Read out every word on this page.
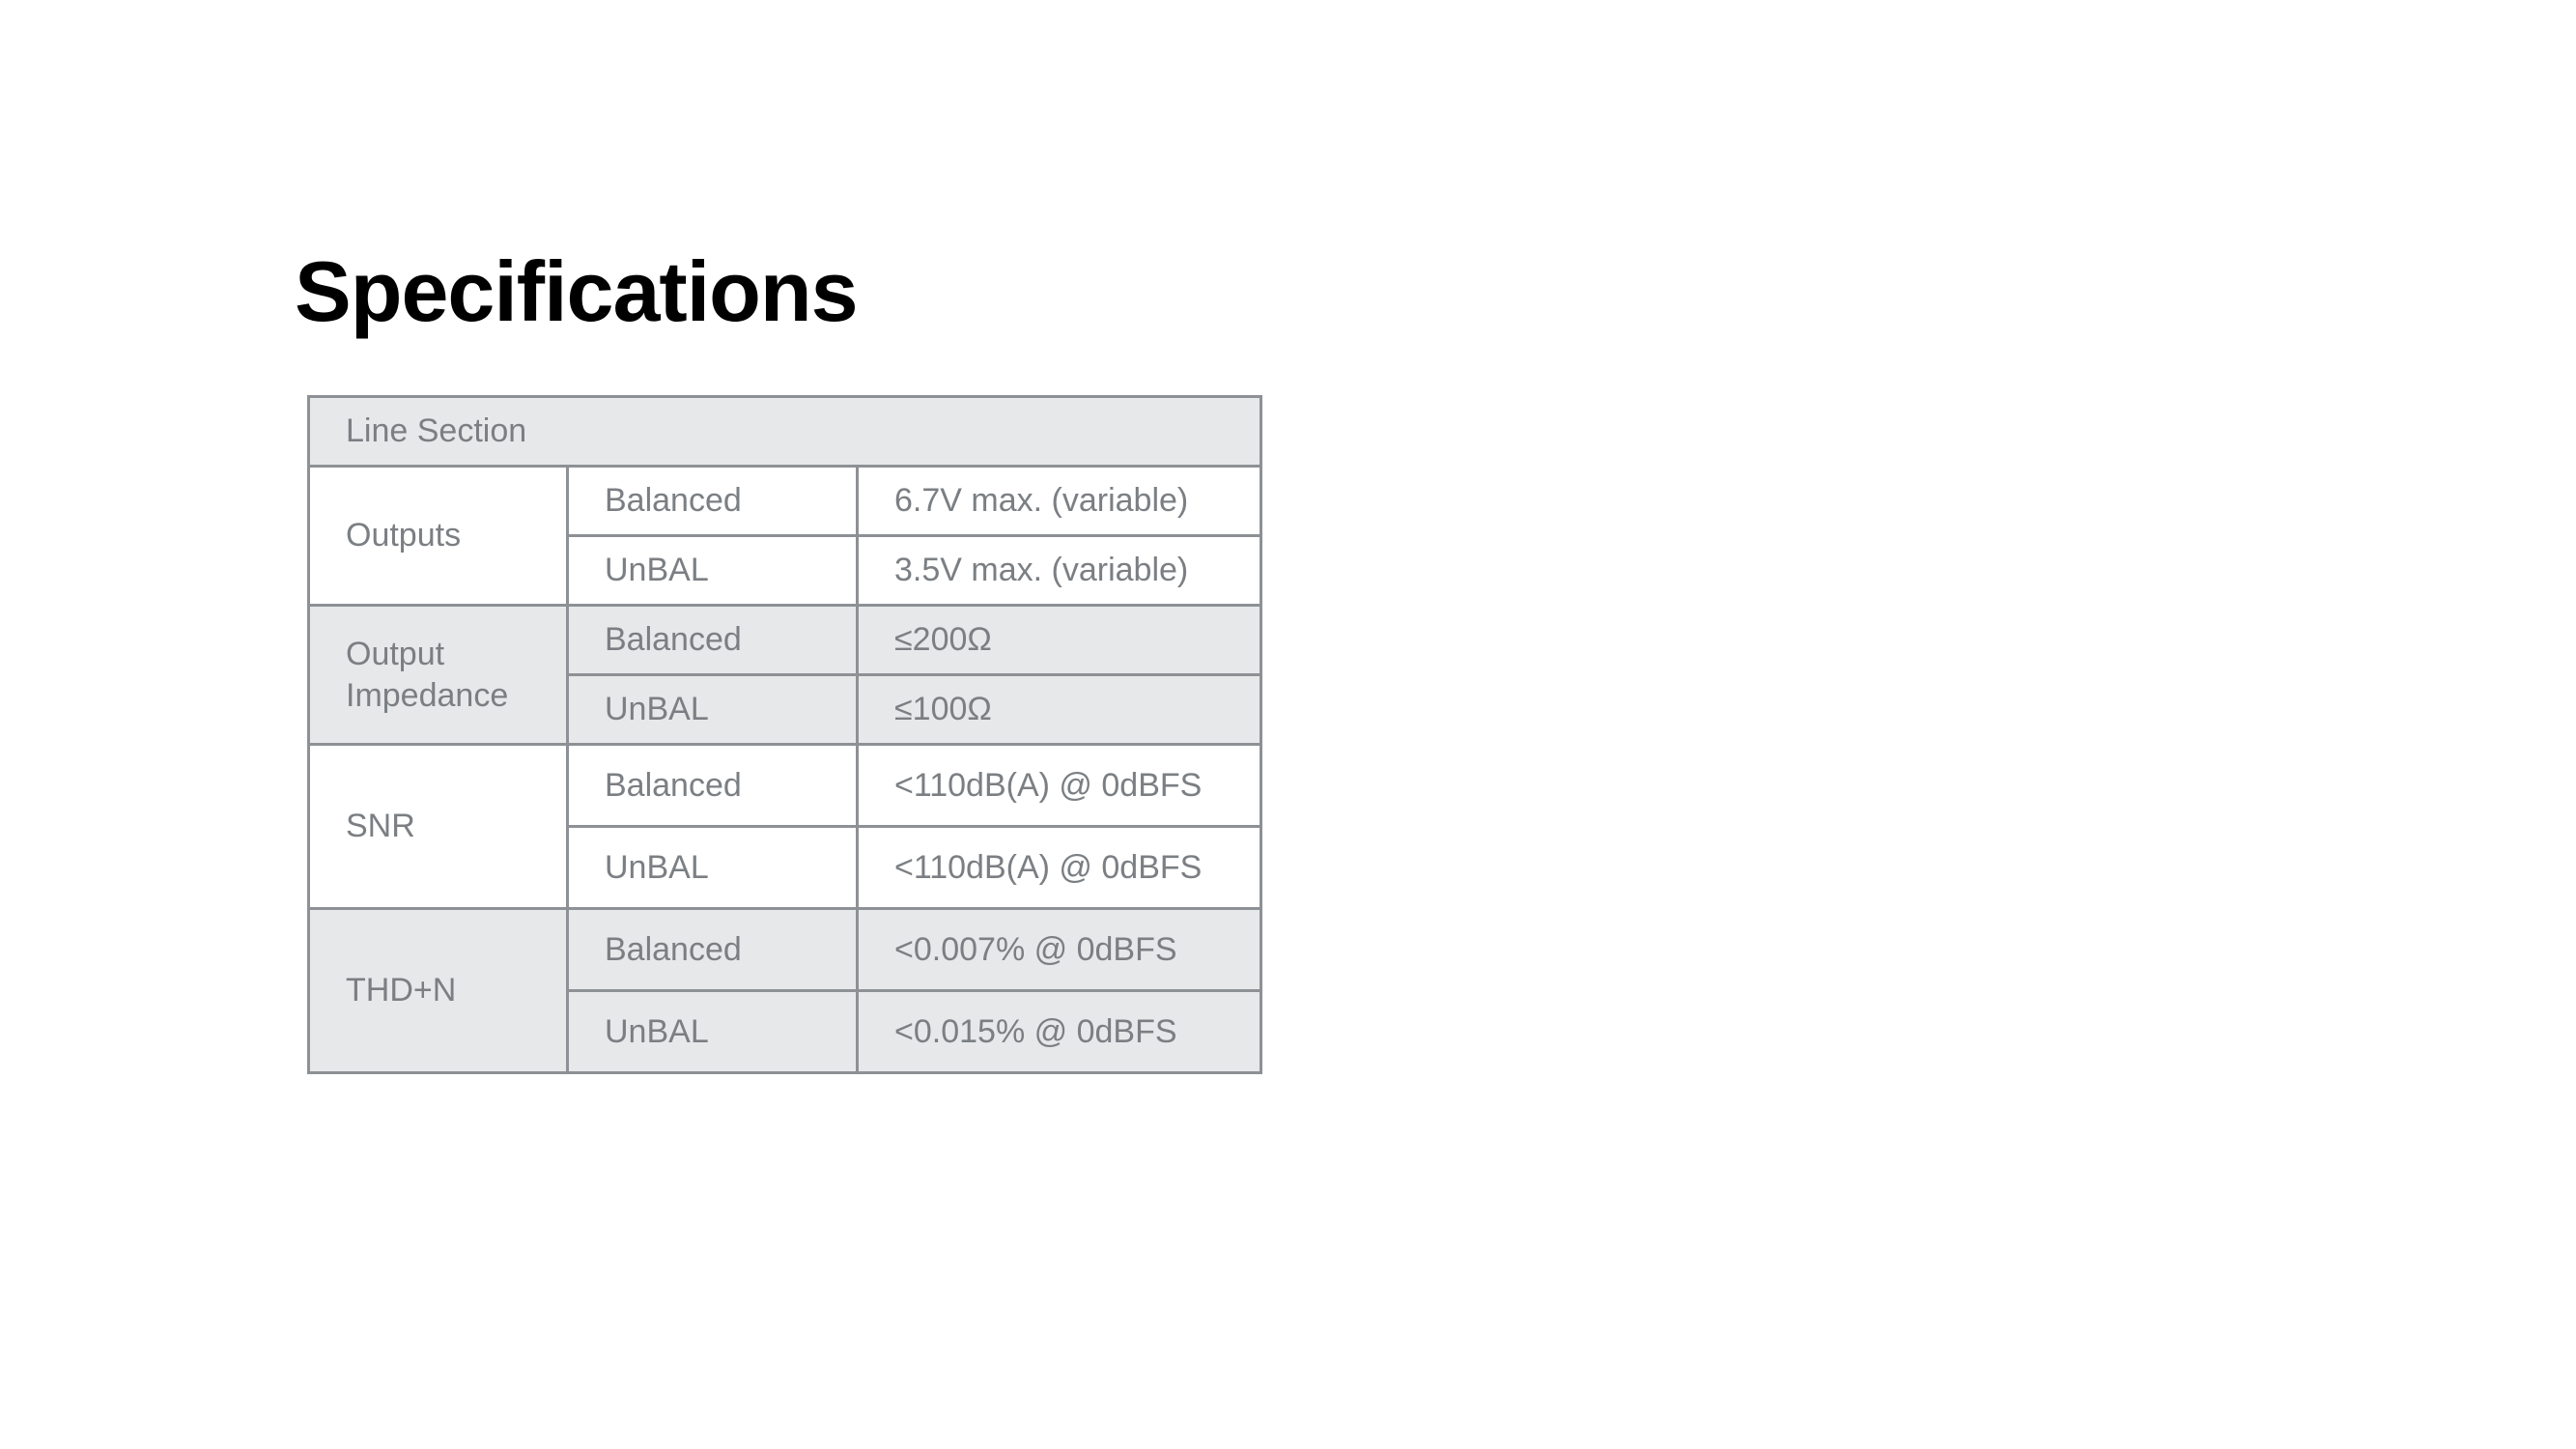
Specifications
Line Section		
Outputs	Balanced	6.7V max. (variable)
	UnBAL	3.5V max. (variable)
Output Impedance	Balanced	≤200Ω
	UnBAL	≤100Ω
SNR	Balanced	<110dB(A) @ 0dBFS
	UnBAL	<110dB(A) @ 0dBFS
THD+N	Balanced	<0.007% @ 0dBFS
	UnBAL	<0.015% @ 0dBFS
